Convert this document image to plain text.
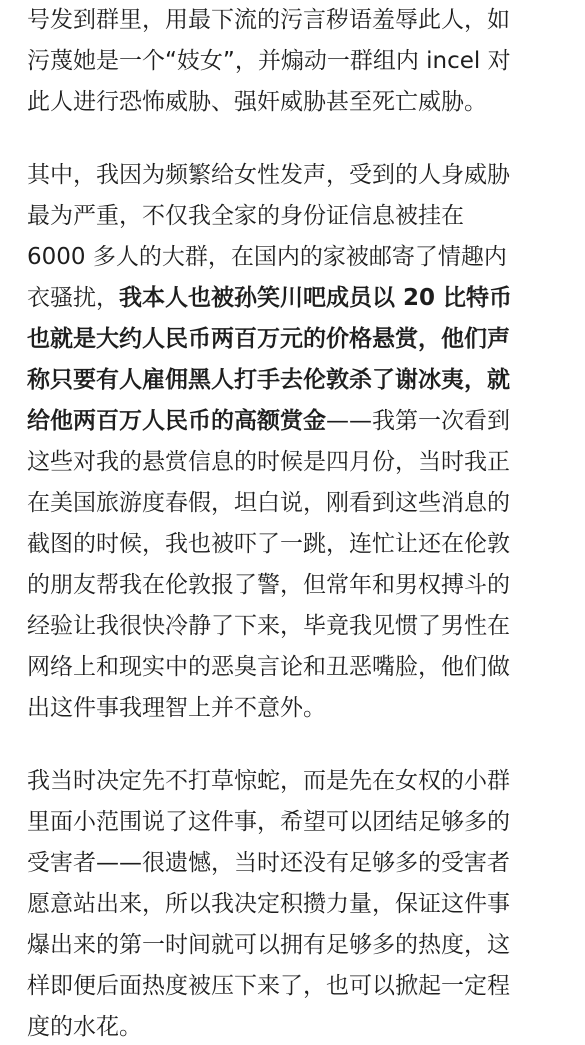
号发到群里，用最下流的污言秽语羞辱此人，如
污蔑她是一个“妓女”，并煽动一群组内 incel 对
此人进行恐怖威胁、强奸威胁甚至死亡威胁。
其中，我因为频繁给女性发声，受到的人身威胁
最为严重，不仅我全家的身份证信息被挂在
6000 多人的大群，在国内的家被邮寄了情趣内
衣骚扰，我本人也被孙笑川吧成员以 20 比特币
也就是大约人民币两百万元的价格悬赏，他们声
称只要有人雇佣黑人打手去伦敦杀了谢冰夷，就
给他两百万人民币的高额赏金——我第一次看到
这些对我的悬赏信息的时候是四月份，当时我正
在美国旅游度春假，坦白说，刚看到这些消息的
截图的时候，我也被吓了一跳，连忙让还在伦敦
的朋友帮我在伦敦报了警，但常年和男权搏斗的
经验让我很快冷静了下来，毕竟我见惯了男性在
网络上和现实中的恶臭言论和丑恶嘴脸，他们做
出这件事我理智上并不意外。
我当时决定先不打草惊蛇，而是先在女权的小群
里面小范围说了这件事，希望可以团结足够多的
受害者——很遗憾，当时还没有足够多的受害者
愿意站出来，所以我决定积攒力量，保证这件事
爆出来的第一时间就可以拥有足够多的热度，这
样即便后面热度被压下来了，也可以掀起一定程
度的水花。
